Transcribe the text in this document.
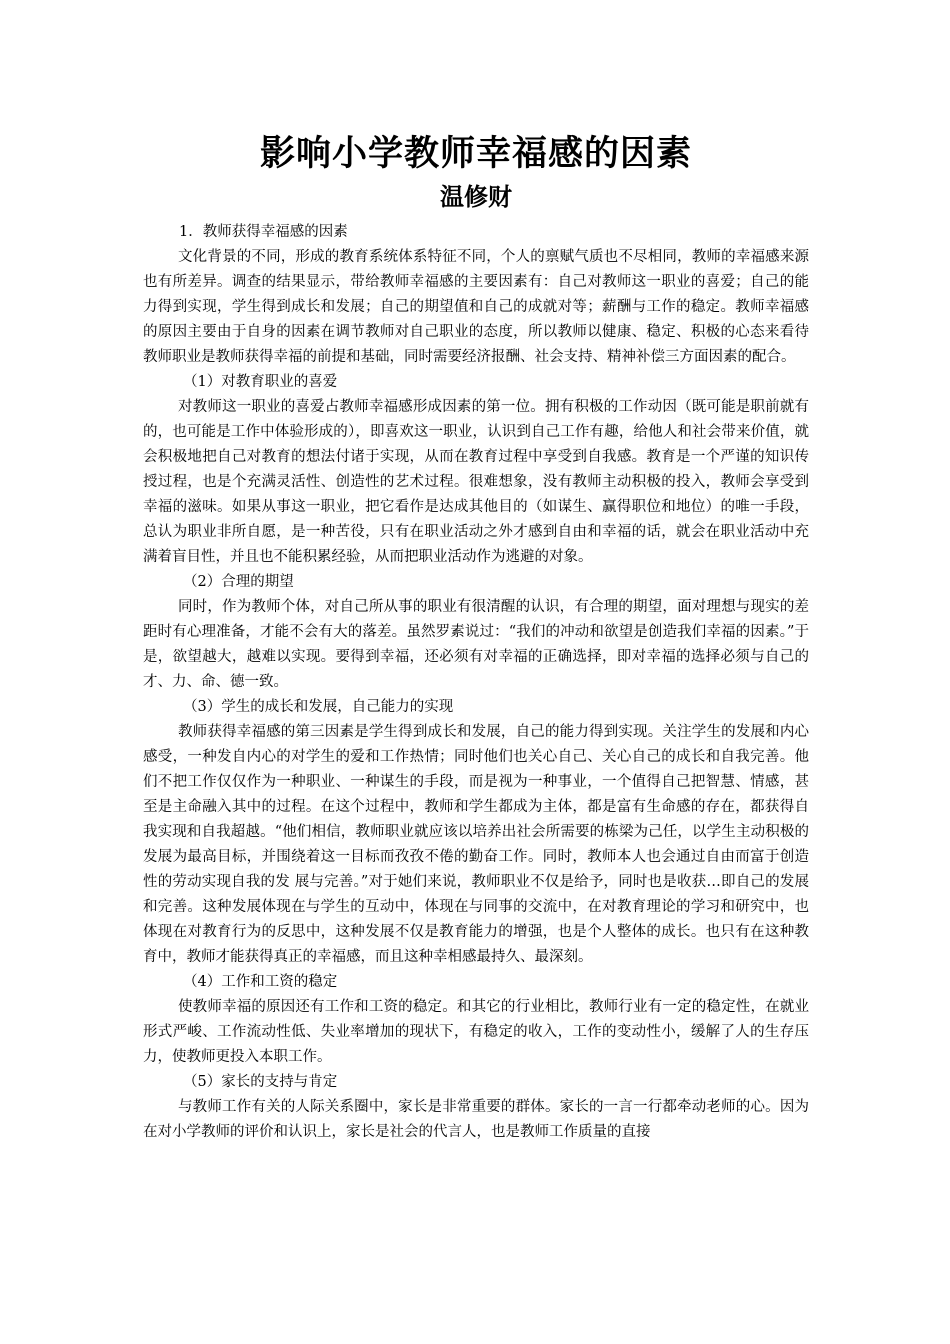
影响小学教师幸福感的因素
温修财

1．教师获得幸福感的因素

文化背景的不同，形成的教育系统体系特征不同，个人的禀赋气质也不尽相同，教师的幸福感来源也有所差异。调查的结果显示，带给教师幸福感的主要因素有：自己对教师这一职业的喜爱；自己的能力得到实现，学生得到成长和发展；自己的期望值和自己的成就对等；薪酬与工作的稳定。教师幸福感的原因主要由于自身的因素在调节教师对自己职业的态度，所以教师以健康、稳定、积极的心态来看待教师职业是教师获得幸福的前提和基础，同时需要经济报酬、社会支持、精神补偿三方面因素的配合。

（1）对教育职业的喜爱

对教师这一职业的喜爱占教师幸福感形成因素的第一位。拥有积极的工作动因（既可能是职前就有的，也可能是工作中体验形成的），即喜欢这一职业，认识到自己工作有趣，给他人和社会带来价值，就会积极地把自己对教育的想法付诸于实现，从而在教育过程中享受到自我感。教育是一个严谨的知识传授过程，也是个充满灵活性、创造性的艺术过程。很难想象，没有教师主动积极的投入，教师会享受到幸福的滋味。如果从事这一职业，把它看作是达成其他目的（如谋生、赢得职位和地位）的唯一手段，总认为职业非所自愿，是一种苦役，只有在职业活动之外才感到自由和幸福的话，就会在职业活动中充满着盲目性，并且也不能积累经验，从而把职业活动作为逃避的对象。

（2）合理的期望

同时，作为教师个体，对自己所从事的职业有很清醒的认识，有合理的期望，面对理想与现实的差距时有心理准备，才能不会有大的落差。虽然罗素说过：“我们的冲动和欲望是创造我们幸福的因素。”于是，欲望越大，越难以实现。要得到幸福，还必须有对幸福的正确选择，即对幸福的选择必须与自己的才、力、命、德一致。

（3）学生的成长和发展，自己能力的实现

教师获得幸福感的第三因素是学生得到成长和发展，自己的能力得到实现。关注学生的发展和内心感受，一种发自内心的对学生的爱和工作热情；同时他们也关心自己、关心自己的成长和自我完善。他们不把工作仅仅作为一种职业、一种谋生的手段，而是视为一种事业，一个值得自己把智慧、情感，甚至是主命融入其中的过程。在这个过程中，教师和学生都成为主体，都是富有生命感的存在，都获得自我实现和自我超越。“他们相信，教师职业就应该以培养出社会所需要的栋梁为己任，以学生主动积极的发展为最高目标，并围绕着这一目标而孜孜不倦的勤奋工作。同时，教师本人也会通过自由而富于创造性的劳动实现自我的发 展与完善。”对于她们来说，教师职业不仅是给予，同时也是收获…即自己的发展和完善。这种发展体现在与学生的互动中，体现在与同事的交流中，在对教育理论的学习和研究中，也体现在对教育行为的反思中，这种发展不仅是教育能力的增强，也是个人整体的成长。也只有在这种教育中，教师才能获得真正的幸福感，而且这种幸相感最持久、最深刻。

（4）工作和工资的稳定

使教师幸福的原因还有工作和工资的稳定。和其它的行业相比，教师行业有一定的稳定性，在就业形式严峻、工作流动性低、失业率增加的现状下，有稳定的收入，工作的变动性小，缓解了人的生存压力，使教师更投入本职工作。

（5）家长的支持与肯定

与教师工作有关的人际关系圈中，家长是非常重要的群体。家长的一言一行都牵动老师的心。因为在对小学教师的评价和认识上，家长是社会的代言人，也是教师工作质量的直接
